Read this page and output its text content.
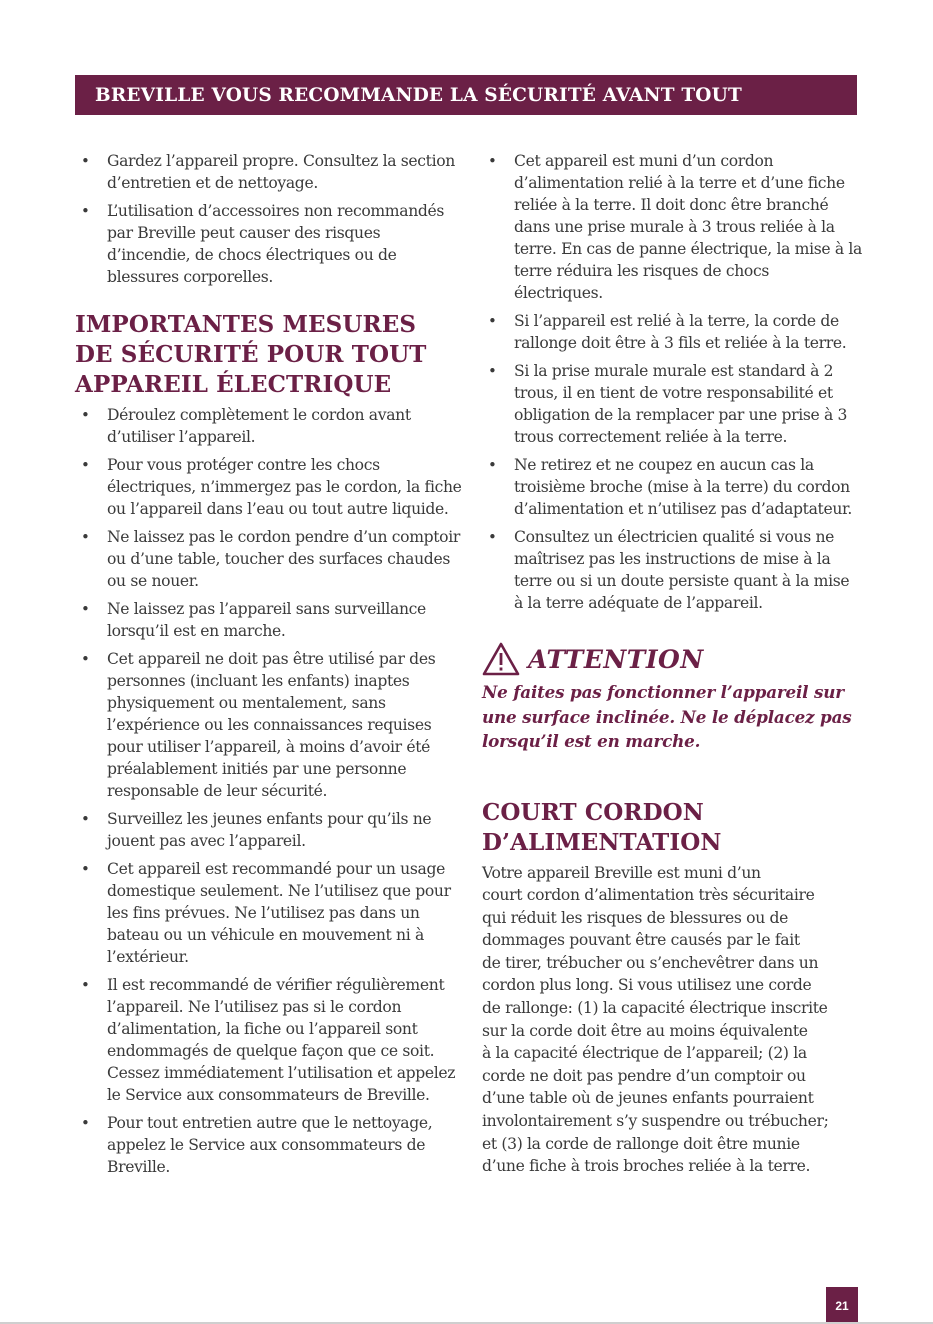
BREVILLE VOUS RECOMMANDE LA SÉCURITÉ AVANT TOUT
• Gardez l’appareil propre. Consultez la section d’entretien et de nettoyage.
• L’utilisation d’accessoires non recommandés par Breville peut causer des risques d’incendie, de chocs électriques ou de blessures corporelles.
IMPORTANTES MESURES
DE SÉCURITÉ POUR TOUT
APPAREIL ÉLECTRIQUE
• Déroulez complètement le cordon avant d’utiliser l’appareil.
• Pour vous protéger contre les chocs électriques, n’immergez pas le cordon, la fiche ou l’appareil dans l’eau ou tout autre liquide.
• Ne laissez pas le cordon pendre d’un comptoir ou d’une table, toucher des surfaces chaudes ou se nouer.
• Ne laissez pas l’appareil sans surveillance lorsqu’il est en marche.
• Cet appareil ne doit pas être utilisé par des personnes (incluant les enfants) inaptes physiquement ou mentalement, sans l’expérience ou les connaissances requises pour utiliser l’appareil, à moins d’avoir été préalablement initiés par une personne responsable de leur sécurité.
• Surveillez les jeunes enfants pour qu’ils ne jouent pas avec l’appareil.
• Cet appareil est recommandé pour un usage domestique seulement. Ne l’utilisez que pour les fins prévues. Ne l’utilisez pas dans un bateau ou un véhicule en mouvement ni à l’extérieur.
• Il est recommandé de vérifier régulièrement l’appareil. Ne l’utilisez pas si le cordon d’alimentation, la fiche ou l’appareil sont endommagés de quelque façon que ce soit. Cessez immédiatement l’utilisation et appelez le Service aux consommateurs de Breville.
• Pour tout entretien autre que le nettoyage, appelez le Service aux consommateurs de Breville.
• Cet appareil est muni d’un cordon d’alimentation relié à la terre et d’une fiche reliée à la terre. Il doit donc être branché dans une prise murale à 3 trous reliée à la terre. En cas de panne électrique, la mise à la terre réduira les risques de chocs électriques.
• Si l’appareil est relié à la terre, la corde de rallonge doit être à 3 fils et reliée à la terre.
• Si la prise murale murale est standard à 2 trous, il en tient de votre responsabilité et obligation de la remplacer par une prise à 3 trous correctement reliée à la terre.
• Ne retirez et ne coupez en aucun cas la troisième broche (mise à la terre) du cordon d’alimentation et n’utilisez pas d’adaptateur.
• Consultez un électricien qualité si vous ne maîtrisez pas les instructions de mise à la terre ou si un doute persiste quant à la mise à la terre adéquate de l’appareil.
ATTENTION
Ne faites pas fonctionner l’appareil sur
une surface inclinée. Ne le déplacez pas
lorsqu’il est en marche.
COURT CORDON
D’ALIMENTATION
Votre appareil Breville est muni d’un
court cordon d’alimentation très sécuritaire
qui réduit les risques de blessures ou de
dommages pouvant être causés par le fait
de tirer, trébucher ou s’enchevêtrer dans un
cordon plus long. Si vous utilisez une corde
de rallonge: (1) la capacité électrique inscrite
sur la corde doit être au moins équivalente
à la capacité électrique de l’appareil; (2) la
corde ne doit pas pendre d’un comptoir ou
d’une table où de jeunes enfants pourraient
involontairement s’y suspendre ou trébucher;
et (3) la corde de rallonge doit être munie
d’une fiche à trois broches reliée à la terre.
21
